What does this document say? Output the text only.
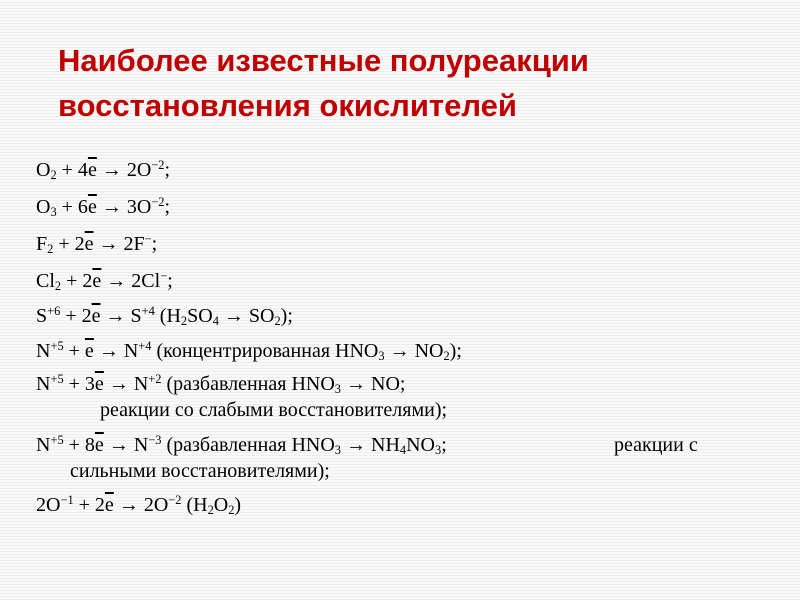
Наиболее известные полуреакции
восстановления окислителей
$O_2 + 4е \to 2O^{-2}$;
$O_3 + 6е \to 3O^{-2}$;
$F_2 + 2е \to 2F^-$;
$Cl_2 + 2е \to 2Cl^-$;
$S^{+6} + 2е \to S^{+4}$ $(H_2SO_4 \to SO_2)$;
$N^{+5} + е \to N^{+4}$ (концентрированная $HNO_3 \to NO_2$);
$N^{+5} + 3е \to N^{+2}$ (разбавленная $HNO_3$ → NO;
реакции со слабыми восстановителями);
$N^{+5} + 8е \to N^{-3}$ (разбавленная $HNO_3 \to NH_4NO_3$;	реакции с
сильными восстановителями);
$2O^{-1} + 2е \to 2O^{-2}$ $(H_2O_2)$
